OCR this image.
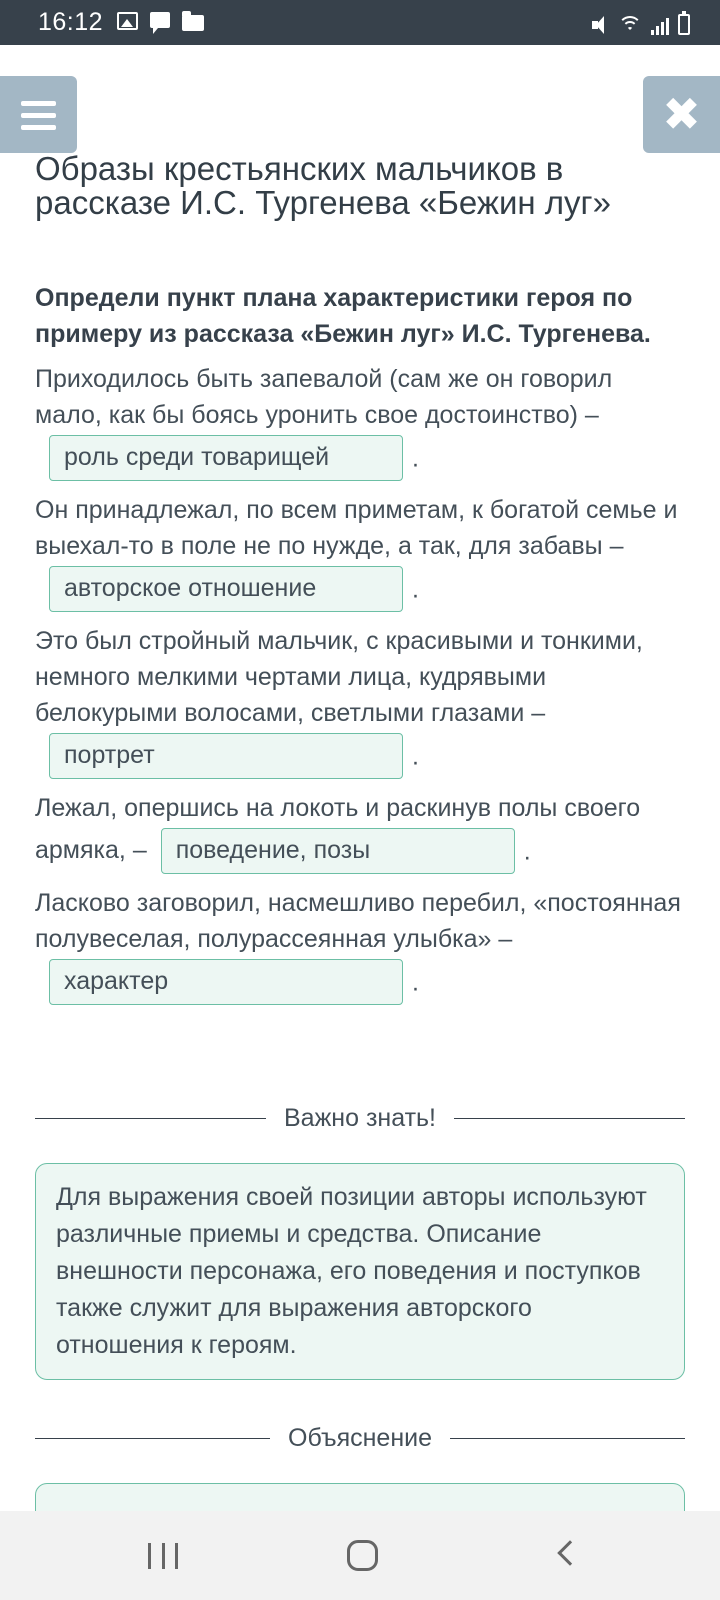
16:12
✖
Образы крестьянских мальчиков в рассказе И.С. Тургенева «Бежин луг»

Определи пункт плана характеристики героя по примеру из рассказа «Бежин луг» И.С. Тургенева.

Приходилось быть запевалой (сам же он говорил мало, как бы боясь уронить свое достоинство) –роль среди товарищей	.

Он принадлежал, по всем приметам, к богатой семье и выехал-то в поле не по нужде, а так, для забавы –авторское отношение	.

Это был стройный мальчик, с красивыми и тонкими, немного мелкими чертами лица, кудрявыми белокурыми волосами, светлыми глазами –портрет	.

Лежал, опершись на локоть и раскинув полы своего армяка, – поведение, позы	.

Ласково заговорил, насмешливо перебил, «постоянная полувеселая, полурассеянная улыбка» –характер	.

Важно знать!

Для выражения своей позиции авторы используют различные приемы и средства. Описание внешности персонажа, его поведения и поступков также служит для выражения авторского отношения к героям.

Объяснение
